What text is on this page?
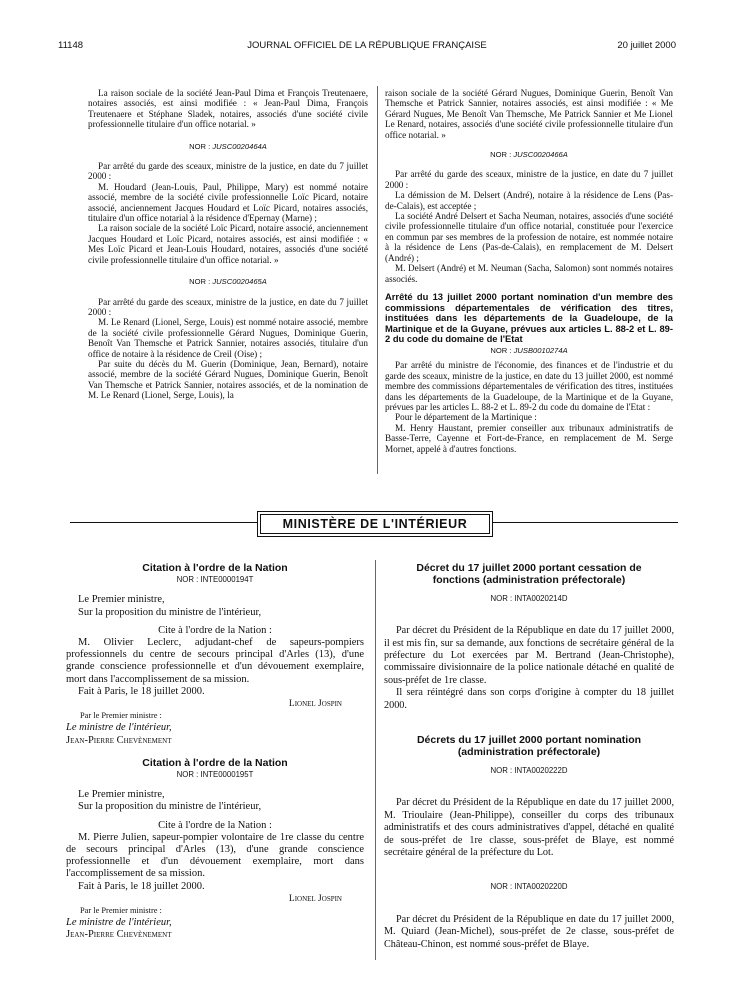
11148	JOURNAL OFFICIEL DE LA RÉPUBLIQUE FRANÇAISE	20 juillet 2000

La raison sociale de la société Jean-Paul Dima et François Treutenaere, notaires associés, est ainsi modifiée : « Jean-Paul Dima, François Treutenaere et Stéphane Sladek, notaires, associés d'une société civile professionnelle titulaire d'un office notarial. »

NOR : JUSC0020464A

Par arrêté du garde des sceaux, ministre de la justice, en date du 7 juillet 2000 :

M. Houdard (Jean-Louis, Paul, Philippe, Mary) est nommé notaire associé, membre de la société civile professionnelle Loïc Picard, notaire associé, anciennement Jacques Houdard et Loïc Picard, notaires associés, titulaire d'un office notarial à la résidence d'Epernay (Marne) ;

La raison sociale de la société Loïc Picard, notaire associé, anciennement Jacques Houdard et Loïc Picard, notaires associés, est ainsi modifiée : « Mes Loïc Picard et Jean-Louis Houdard, notaires, associés d'une société civile professionnelle titulaire d'un office notarial. »

NOR : JUSC0020465A

Par arrêté du garde des sceaux, ministre de la justice, en date du 7 juillet 2000 :

M. Le Renard (Lionel, Serge, Louis) est nommé notaire associé, membre de la société civile professionnelle Gérard Nugues, Dominique Guerin, Benoît Van Themsche et Patrick Sannier, notaires associés, titulaire d'un office de notaire à la résidence de Creil (Oise) ;

Par suite du décès du M. Guerin (Dominique, Jean, Bernard), notaire associé, membre de la société Gérard Nugues, Dominique Guerin, Benoît Van Themsche et Patrick Sannier, notaires associés, et de la nomination de M. Le Renard (Lionel, Serge, Louis), la

raison sociale de la société Gérard Nugues, Dominique Guerin, Benoît Van Themsche et Patrick Sannier, notaires associés, est ainsi modifiée : « Me Gérard Nugues, Me Benoît Van Themsche, Me Patrick Sannier et Me Lionel Le Renard, notaires, associés d'une société civile professionnelle titulaire d'un office notarial. »

NOR : JUSC0020466A

Par arrêté du garde des sceaux, ministre de la justice, en date du 7 juillet 2000 :

La démission de M. Delsert (André), notaire à la résidence de Lens (Pas-de-Calais), est acceptée ;

La société André Delsert et Sacha Neuman, notaires, associés d'une société civile professionnelle titulaire d'un office notarial, constituée pour l'exercice en commun par ses membres de la profession de notaire, est nommée notaire à la résidence de Lens (Pas-de-Calais), en remplacement de M. Delsert (André) ;

M. Delsert (André) et M. Neuman (Sacha, Salomon) sont nommés notaires associés.

Arrêté du 13 juillet 2000 portant nomination d'un membre des commissions départementales de vérification des titres, instituées dans les départements de la Guadeloupe, de la Martinique et de la Guyane, prévues aux articles L. 88-2 et L. 89-2 du code du domaine de l'Etat
NOR : JUSB0010274A

Par arrêté du ministre de l'économie, des finances et de l'industrie et du garde des sceaux, ministre de la justice, en date du 13 juillet 2000, est nommé membre des commissions départementales de vérification des titres, instituées dans les départements de la Guadeloupe, de la Martinique et de la Guyane, prévues par les articles L. 88-2 et L. 89-2 du code du domaine de l'Etat :

Pour le département de la Martinique :

M. Henry Haustant, premier conseiller aux tribunaux administratifs de Basse-Terre, Cayenne et Fort-de-France, en remplacement de M. Serge Mornet, appelé à d'autres fonctions.

MINISTÈRE DE L'INTÉRIEUR
Citation à l'ordre de la Nation
NOR : INTE0000194T

Le Premier ministre,

Sur la proposition du ministre de l'intérieur,

Cite à l'ordre de la Nation :

M. Olivier Leclerc, adjudant-chef de sapeurs-pompiers professionnels du centre de secours principal d'Arles (13), d'une grande conscience professionnelle et d'un dévouement exemplaire, mort dans l'accomplissement de sa mission.

Fait à Paris, le 18 juillet 2000.

Lionel Jospin
Par le Premier ministre :
Le ministre de l'intérieur,
Jean-Pierre Chevènement
Citation à l'ordre de la Nation
NOR : INTE0000195T

Le Premier ministre,

Sur la proposition du ministre de l'intérieur,

Cite à l'ordre de la Nation :

M. Pierre Julien, sapeur-pompier volontaire de 1re classe du centre de secours principal d'Arles (13), d'une grande conscience professionnelle et d'un dévouement exemplaire, mort dans l'accomplissement de sa mission.

Fait à Paris, le 18 juillet 2000.

Lionel Jospin
Par le Premier ministre :
Le ministre de l'intérieur,
Jean-Pierre Chevènement
Décret du 17 juillet 2000 portant cessation de fonctions (administration préfectorale)
NOR : INTA0020214D

Par décret du Président de la République en date du 17 juillet 2000, il est mis fin, sur sa demande, aux fonctions de secrétaire général de la préfecture du Lot exercées par M. Bertrand (Jean-Christophe), commissaire divisionnaire de la police nationale détaché en qualité de sous-préfet de 1re classe.

Il sera réintégré dans son corps d'origine à compter du 18 juillet 2000.

Décrets du 17 juillet 2000 portant nomination (administration préfectorale)
NOR : INTA0020222D

Par décret du Président de la République en date du 17 juillet 2000, M. Trioulaire (Jean-Philippe), conseiller du corps des tribunaux administratifs et des cours administratives d'appel, détaché en qualité de sous-préfet de 1re classe, sous-préfet de Blaye, est nommé secrétaire général de la préfecture du Lot.

NOR : INTA0020220D

Par décret du Président de la République en date du 17 juillet 2000, M. Quiard (Jean-Michel), sous-préfet de 2e classe, sous-préfet de Château-Chinon, est nommé sous-préfet de Blaye.
